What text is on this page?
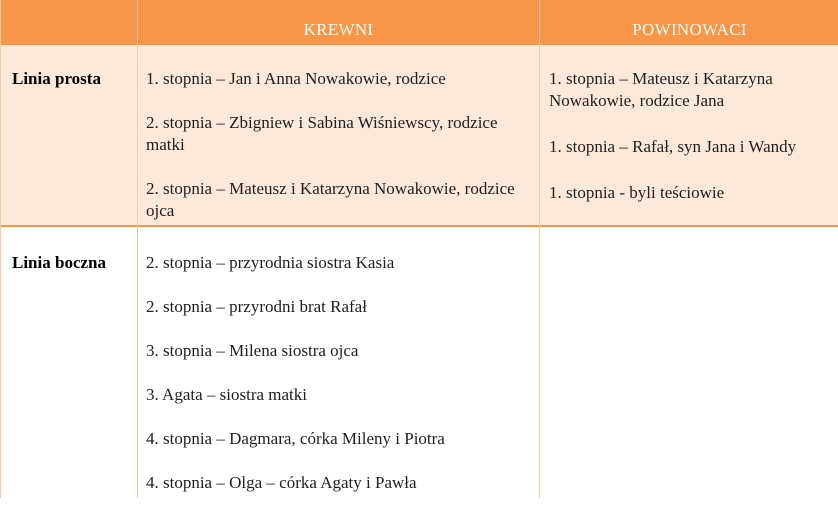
KREWNI	POWINOWACI
Linia prosta	1. stopnia – Jan i Anna Nowakowie, rodzice

2. stopnia – Zbigniew i Sabina Wiśniewscy, rodzice matki

2. stopnia – Mateusz i Katarzyna Nowakowie, rodzice ojca

1. stopnia – Mateusz i Katarzyna Nowakowie, rodzice Jana

1. stopnia – Rafał, syn Jana i Wandy

1. stopnia - byli teściowie

Linia boczna 2. stopnia – przyrodnia siostra Kasia

2. stopnia – przyrodni brat Rafał

3. stopnia – Milena siostra ojca

3. Agata – siostra matki

4. stopnia – Dagmara, córka Mileny i Piotra

4. stopnia – Olga – córka Agaty i Pawła
